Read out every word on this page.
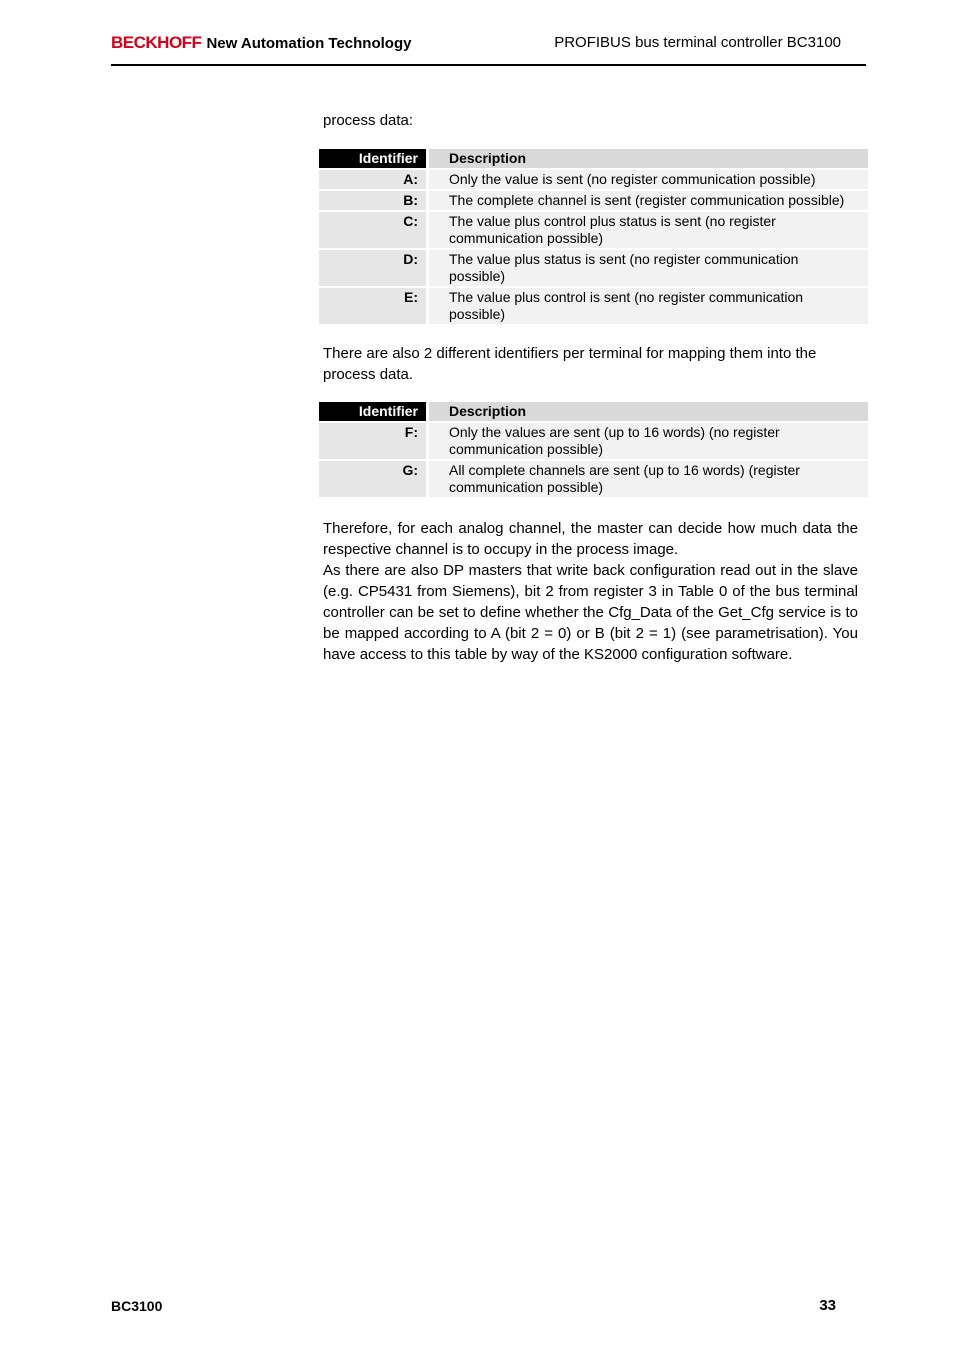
BECKHOFF New Automation Technology	PROFIBUS bus terminal controller BC3100
process data:
Identifier	Description
A:	Only the value is sent (no register communication possible)
B:	The complete channel is sent (register communication possible)
C:	The value plus control plus status is sent (no register communication possible)
D:	The value plus status is sent (no register communication possible)
E:	The value plus control is sent (no register communication possible)
There are also 2 different identifiers per terminal for mapping them into the process data.
Identifier	Description
F:	Only the values are sent (up to 16 words) (no register communication possible)
G:	All complete channels are sent (up to 16 words) (register communication possible)

Therefore, for each analog channel, the master can decide how much data the respective channel is to occupy in the process image.

As there are also DP masters that write back configuration read out in the slave (e.g. CP5431 from Siemens), bit 2 from register 3 in Table 0 of the bus terminal controller can be set to define whether the Cfg_Data of the Get_Cfg service is to be mapped according to A (bit 2 = 0) or B (bit 2 = 1) (see parametrisation). You have access to this table by way of the KS2000 configuration software.

BC3100	33
